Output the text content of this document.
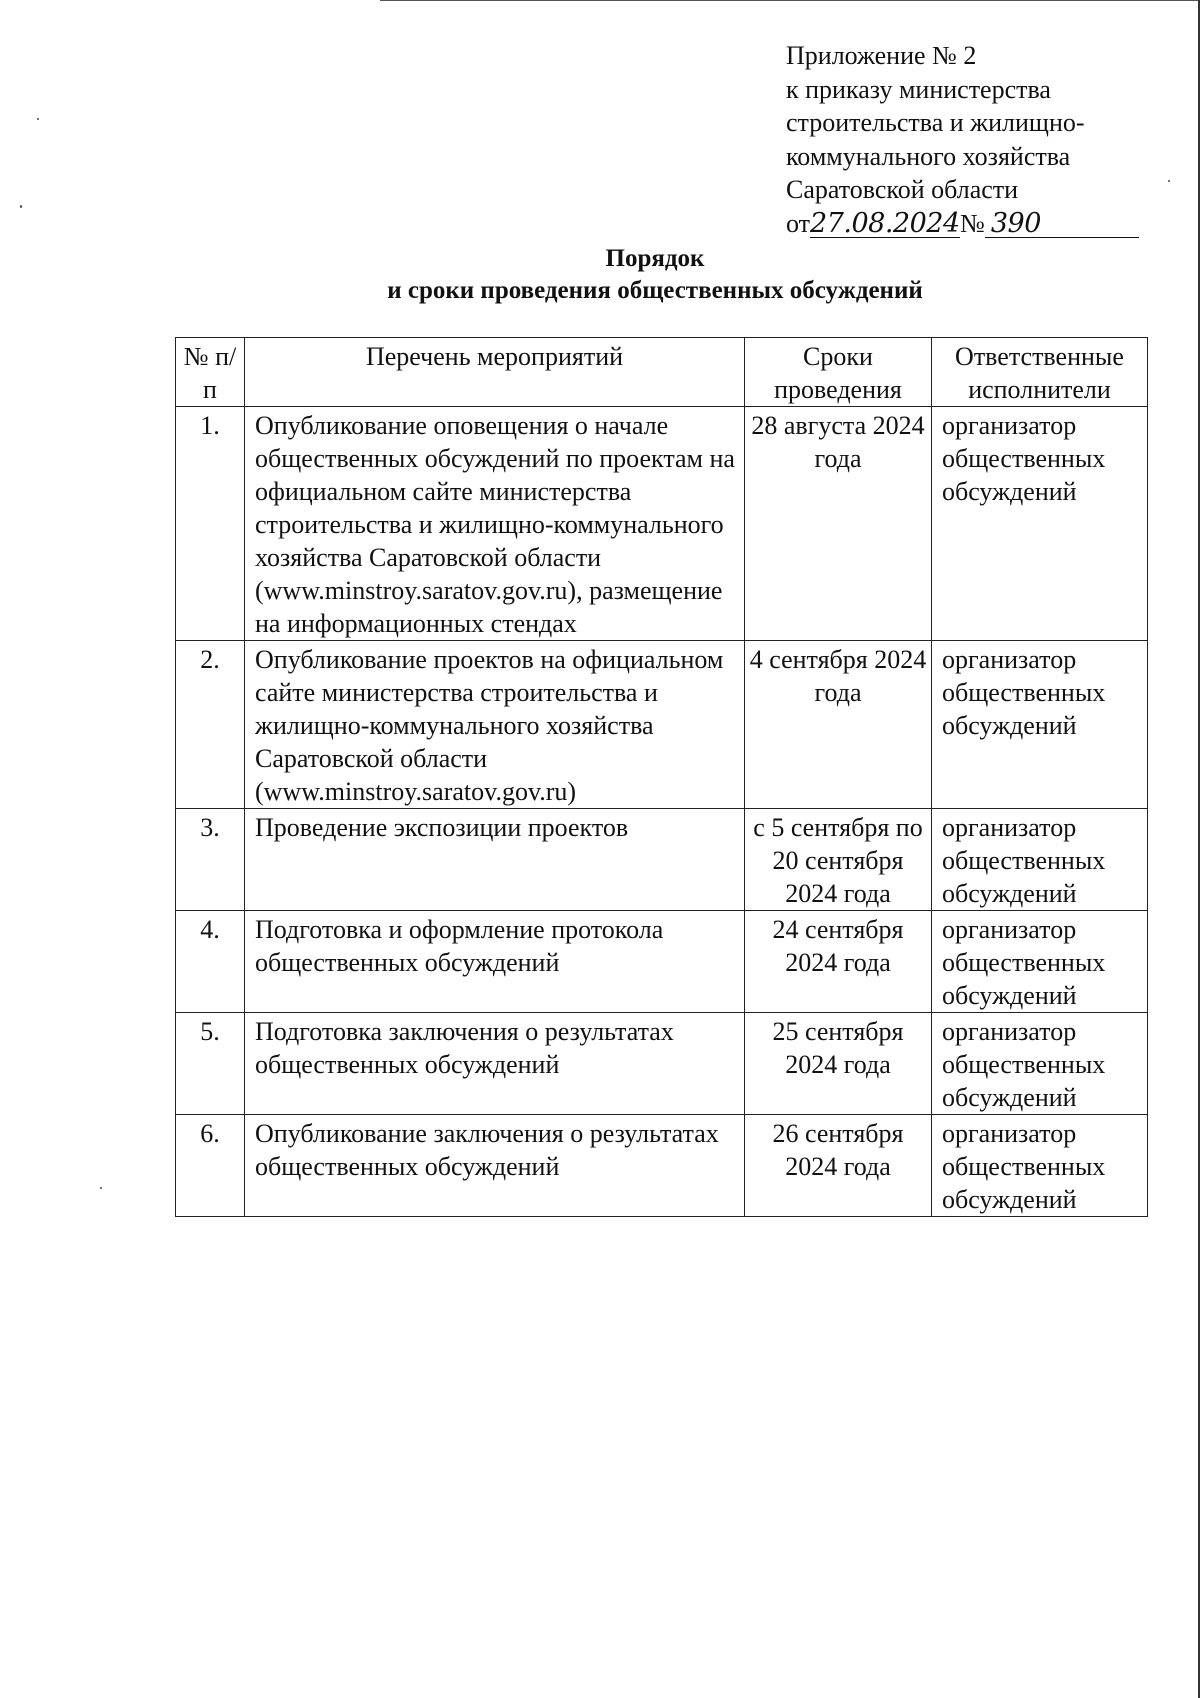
Приложение № 2
к приказу министерства
строительства и жилищно-
коммунального хозяйства
Саратовской области
от27.08.2024№ 390
Порядок
и сроки проведения общественных обсуждений
№ п/п	Перечень мероприятий	Сроки проведения	Ответственные исполнители
1.	Опубликование оповещения о начале общественных обсуждений по проектам на официальном сайте министерства строительства и жилищно-коммунального хозяйства Саратовской области (www.minstroy.saratov.gov.ru), размещение на информационных стендах	28 августа 2024 года	организатор общественных обсуждений
2.	Опубликование проектов на официальном сайте министерства строительства и жилищно-коммунального хозяйства Саратовской области (www.minstroy.saratov.gov.ru)	4 сентября 2024 года	организатор общественных обсуждений
3.	Проведение экспозиции проектов	с 5 сентября по 20 сентября 2024 года	организатор общественных обсуждений
4.	Подготовка и оформление протокола общественных обсуждений	24 сентября 2024 года	организатор общественных обсуждений
5.	Подготовка заключения о результатах общественных обсуждений	25 сентября 2024 года	организатор общественных обсуждений
6.	Опубликование заключения о результатах общественных обсуждений	26 сентября 2024 года	организатор общественных обсуждений
